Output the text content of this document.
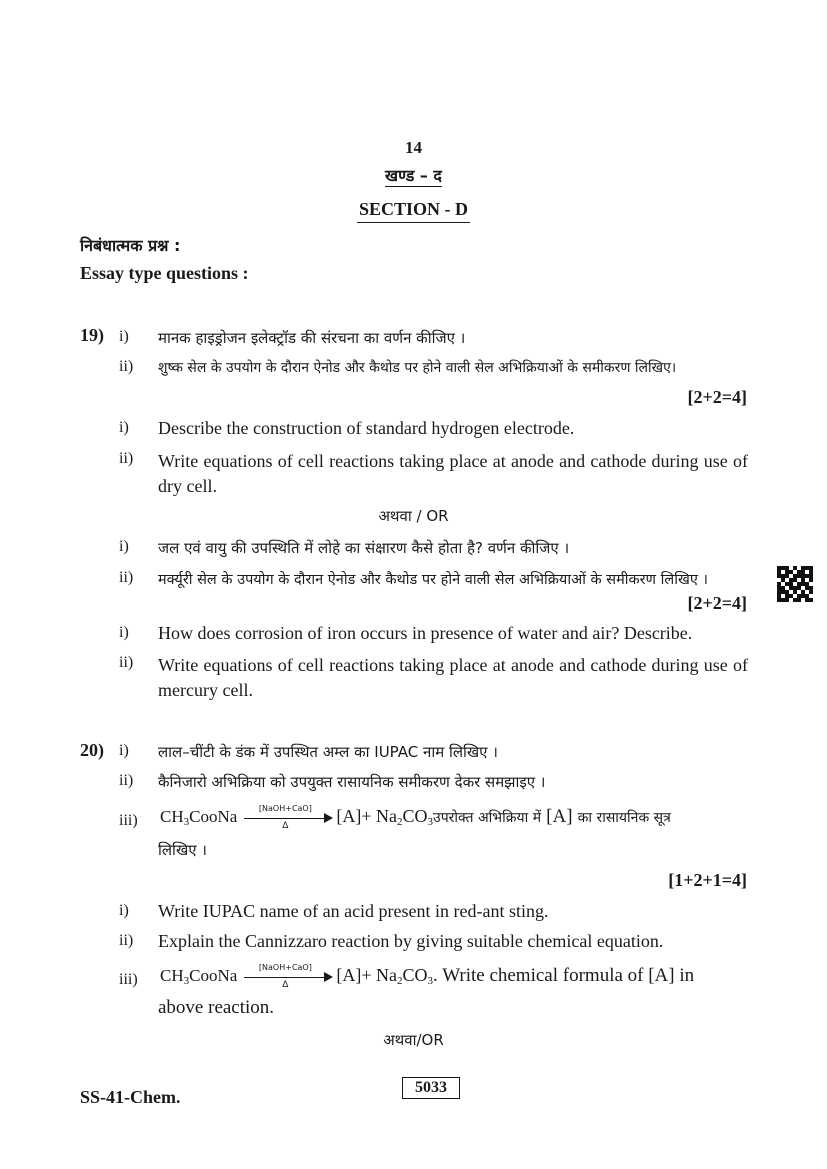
14
खण्ड – द
SECTION - D
निबंधात्मक प्रश्न :
Essay type questions :
19) i) मानक हाइड्रोजन इलेक्ट्रॉड की संरचना का वर्णन कीजिए ।
ii) शुष्क सेल के उपयोग के दौरान ऐनोड और कैथोड पर होने वाली सेल अभिक्रियाओं के समीकरण लिखिए।
[2+2=4]
i) Describe the construction of standard hydrogen electrode.
ii) Write equations of cell reactions taking place at anode and cathode during use of dry cell.
अथवा / OR
i) जल एवं वायु की उपस्थिति में लोहे का संक्षारण कैसे होता है? वर्णन कीजिए ।
ii) मर्क्यूरी सेल के उपयोग के दौरान ऐनोड और कैथोड पर होने वाली सेल अभिक्रियाओं के समीकरण लिखिए ।
[2+2=4]
i) How does corrosion of iron occurs in presence of water and air? Describe.
ii) Write equations of cell reactions taking place at anode and cathode during use of mercury cell.
20) i) लाल–चींटी के डंक में उपस्थित अम्ल का IUPAC नाम लिखिए ।
ii) कैनिजारो अभिक्रिया को उपयुक्त रासायनिक समीकरण देकर समझाइए ।
iii) $CH_3CooNa$	[NaOH+CaO]
Δ	$[A]+ Na_2CO_3उपरोक्त$ अभिक्रिया में [A] का रासायनिक सूत्र
लिखिए ।
[1+2+1=4]
i) Write IUPAC name of an acid present in red-ant sting.
ii) Explain the Cannizzaro reaction by giving suitable chemical equation.
iii) $CH_3CooNa$	[NaOH+CaO]
Δ	$[A]+ Na_2CO_3$. Write chemical formula of [A] in
above reaction.
अथवा/OR
SS-41-Chem.	5033
